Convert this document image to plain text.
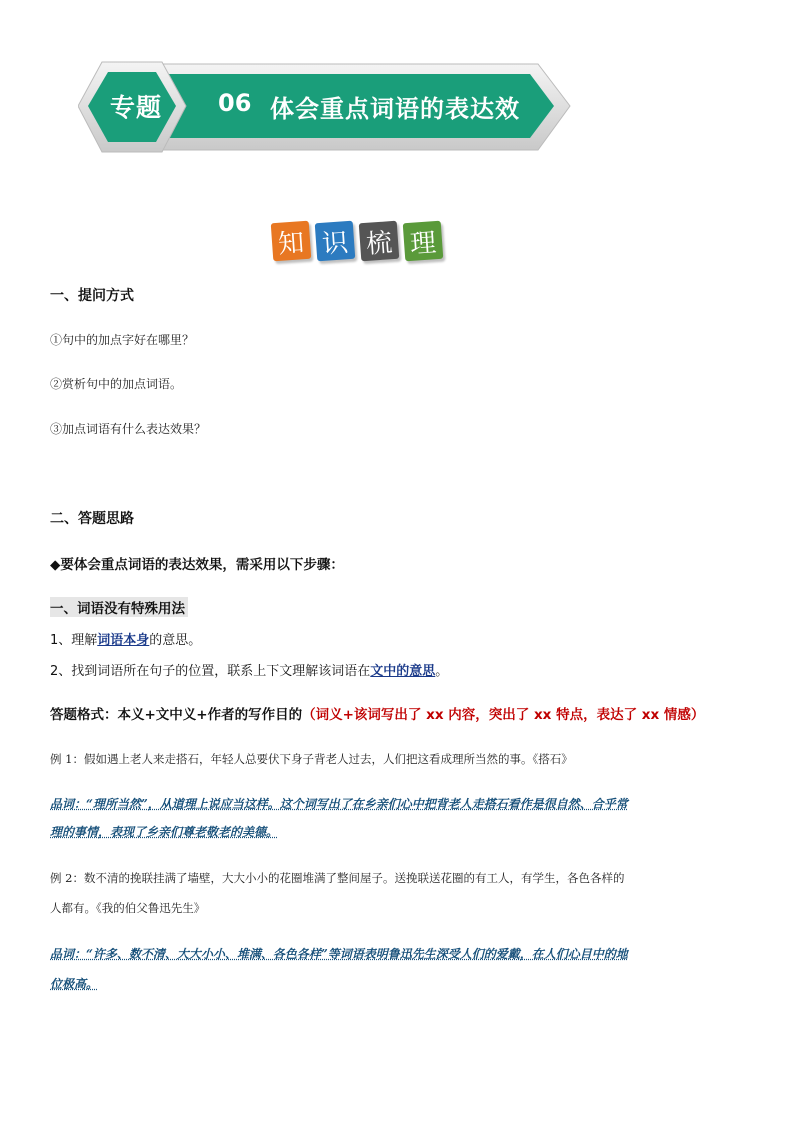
专题 06 体会重点词语的表达效
知 识 梳 理
一、提问方式
①句中的加点字好在哪里？
②赏析句中的加点词语。
③加点词语有什么表达效果？
二、答题思路
◆要体会重点词语的表达效果，需采用以下步骤：
一、词语没有特殊用法
1、理解词语本身的意思。
2、找到词语所在句子的位置，联系上下文理解该词语在文中的意思。
答题格式：本义+文中义+作者的写作目的（词义+该词写出了 xx 内容，突出了 xx 特点，表达了 xx 情感）
例 1：假如遇上老人来走搭石，年轻人总要伏下身子背老人过去，人们把这看成理所当然的事。《搭石》
品词：“理所当然”，从道理上说应当这样。这个词写出了在乡亲们心中把背老人走搭石看作是很自然、合乎常
理的事情，表现了乡亲们尊老敬老的美德。
例 2：数不清的挽联挂满了墙壁，大大小小的花圈堆满了整间屋子。送挽联送花圈的有工人，有学生，各色各样的
人都有。《我的伯父鲁迅先生》
品词：“许多、数不清、大大小小、堆满、各色各样”等词语表明鲁迅先生深受人们的爱戴，在人们心目中的地
位极高。
